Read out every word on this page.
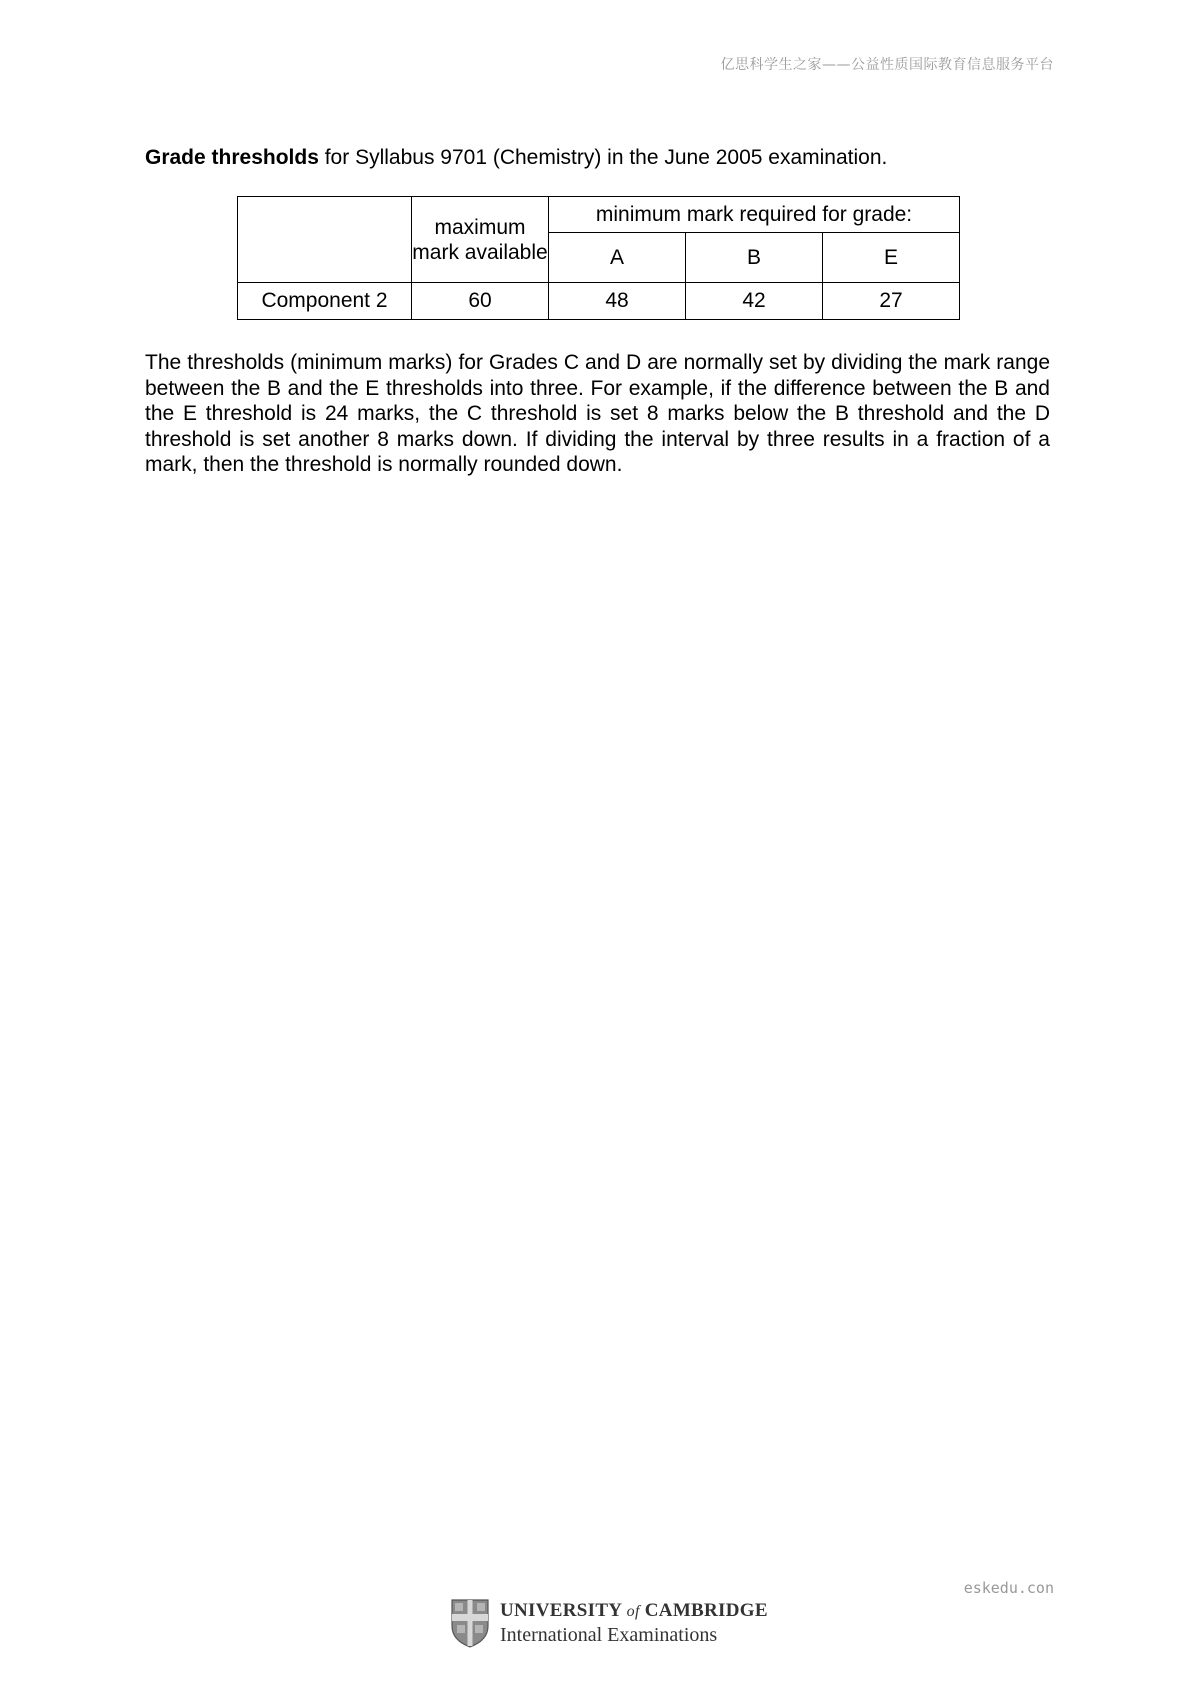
亿思科学生之家——公益性质国际教育信息服务平台
Grade thresholds for Syllabus 9701 (Chemistry) in the June 2005 examination.
	maximum mark available	minimum mark required for grade:		
		A	B	E
Component 2	60	48	42	27
The thresholds (minimum marks) for Grades C and D are normally set by dividing the mark range between the B and the E thresholds into three. For example, if the difference between the B and the E threshold is 24 marks, the C threshold is set 8 marks below the B threshold and the D threshold is set another 8 marks down. If dividing the interval by three results in a fraction of a mark, then the threshold is normally rounded down.
eskedu.con
UNIVERSITY of CAMBRIDGE
International Examinations
